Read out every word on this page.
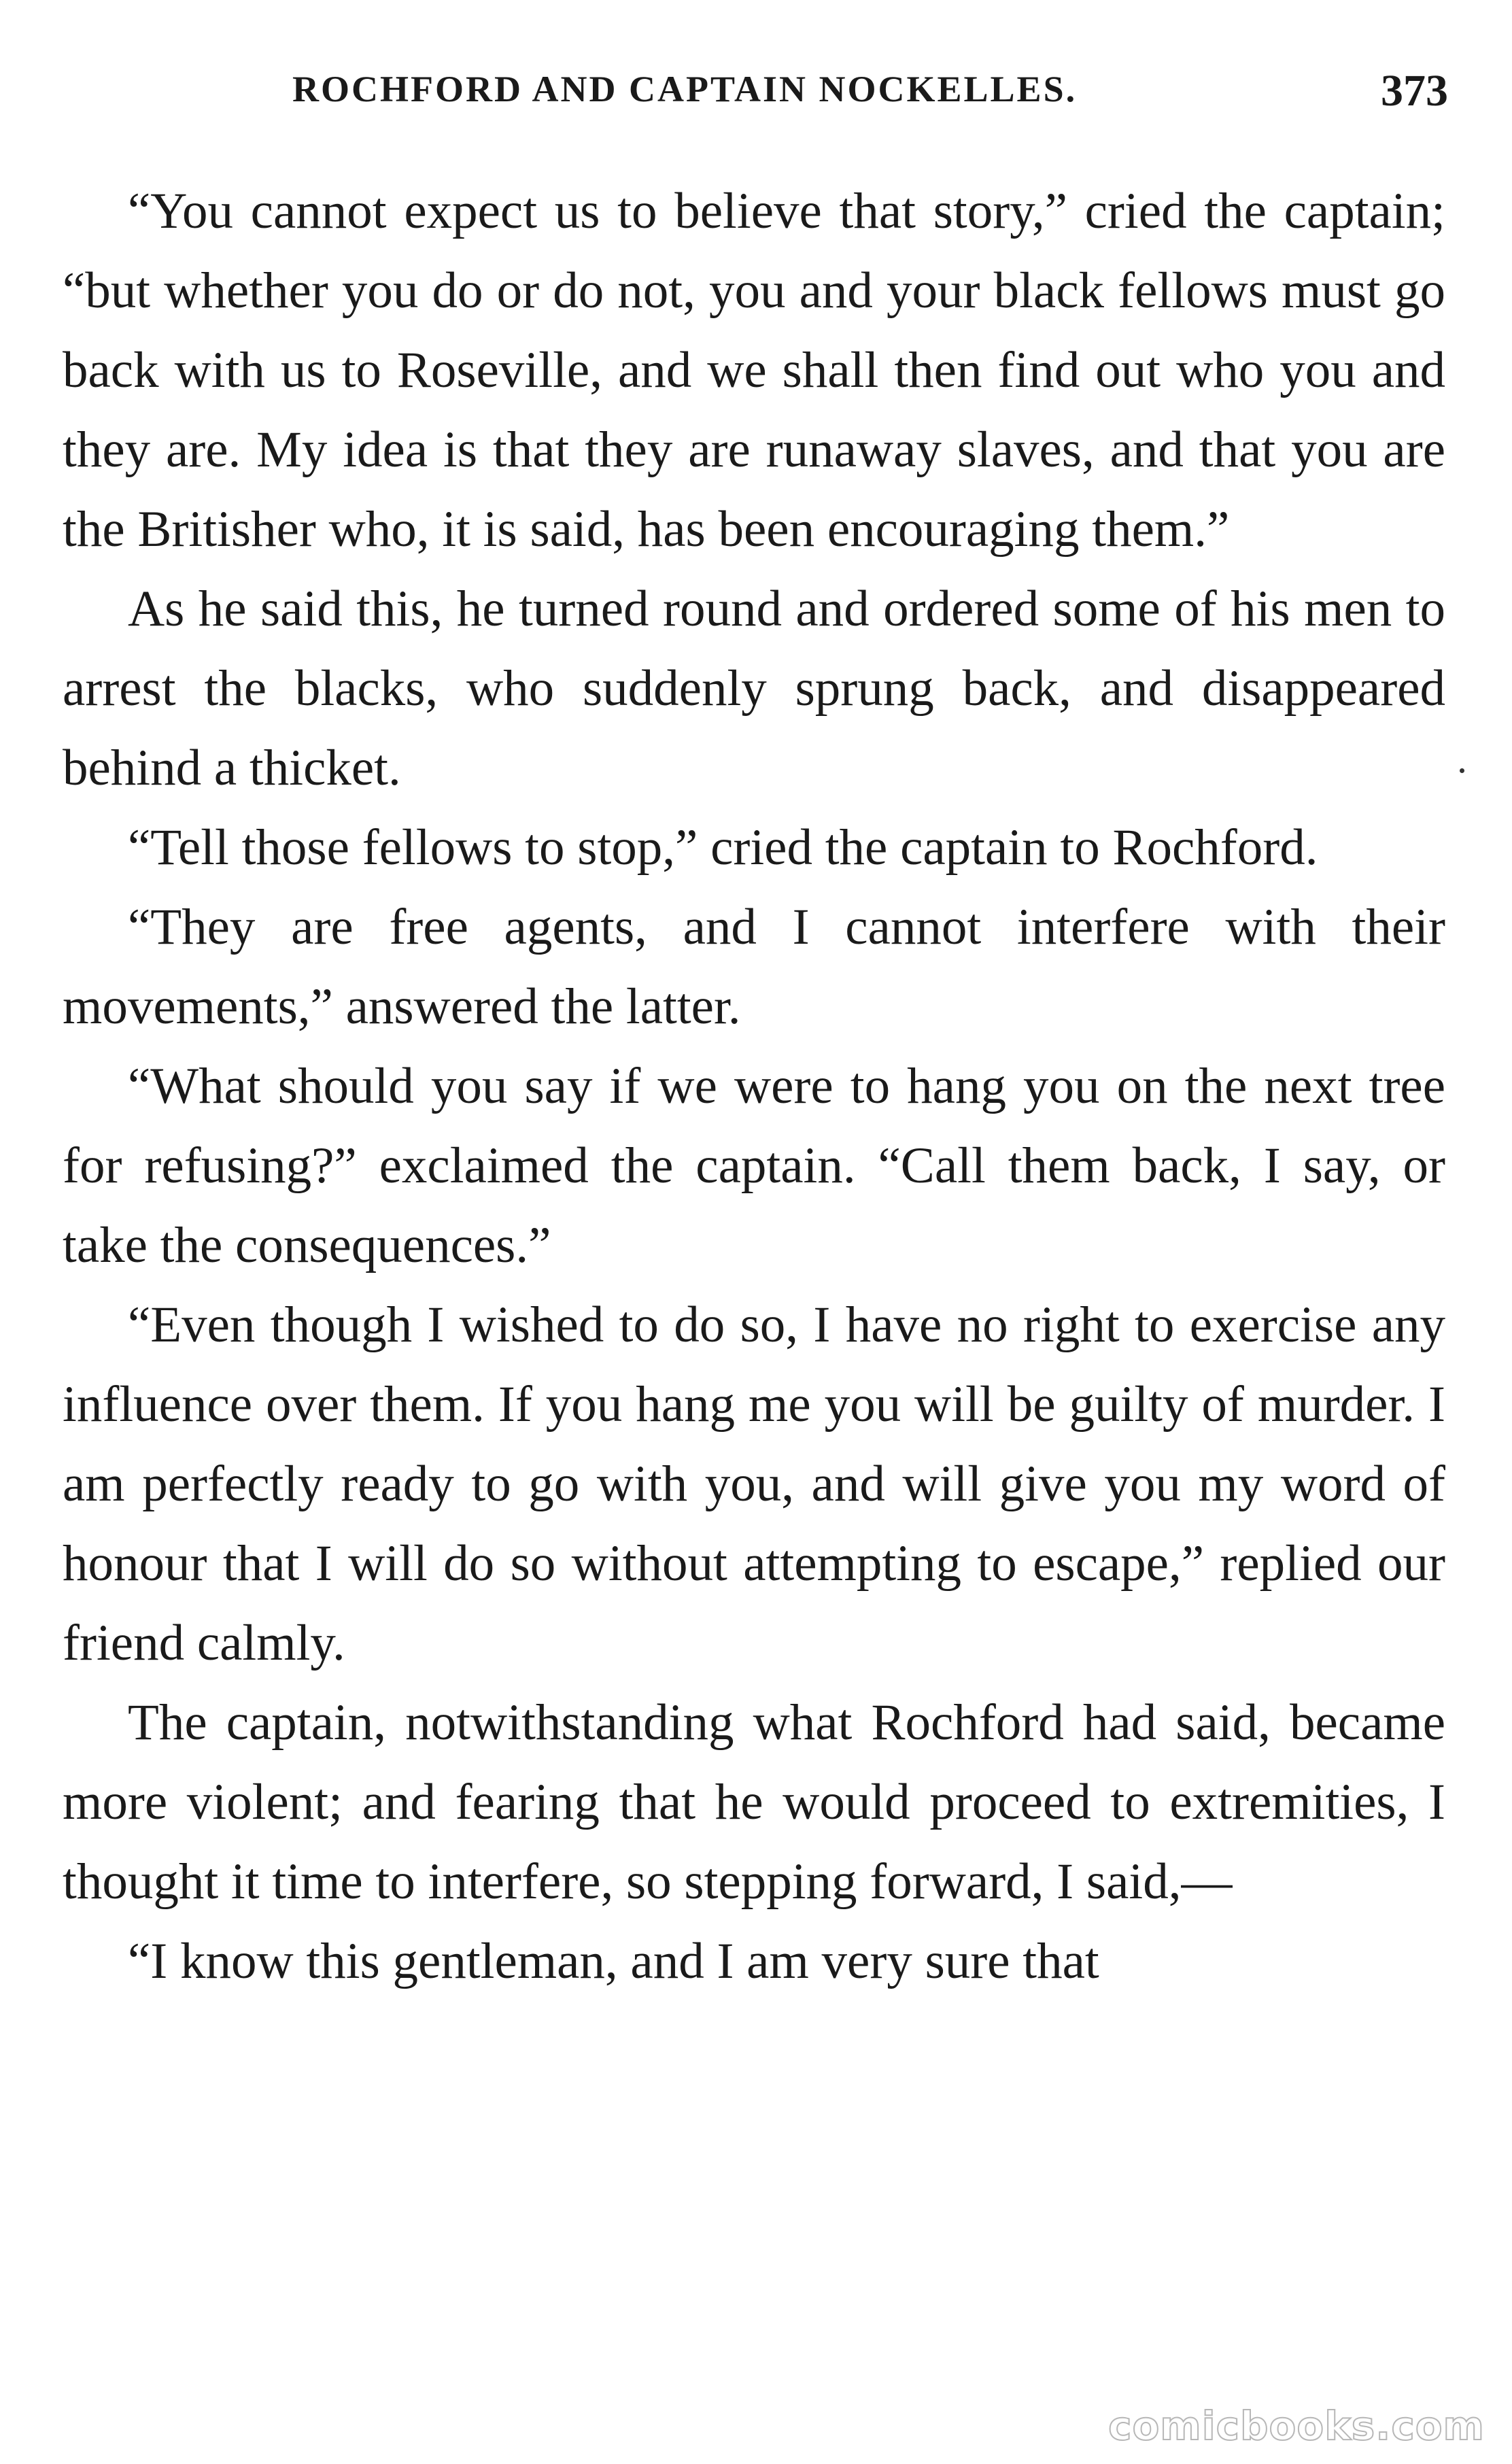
ROCHFORD AND CAPTAIN NOCKELLES.	373

“You cannot expect us to believe that story,” cried the captain; “but whether you do or do not, you and your black fellows must go back with us to Roseville, and we shall then find out who you and they are. My idea is that they are runaway slaves, and that you are the Britisher who, it is said, has been encouraging them.”

As he said this, he turned round and ordered some of his men to arrest the blacks, who suddenly sprung back, and disappeared behind a thicket.

“Tell those fellows to stop,” cried the captain to Rochford.

“They are free agents, and I cannot interfere with their movements,” answered the latter.

“What should you say if we were to hang you on the next tree for refusing?” exclaimed the captain. “Call them back, I say, or take the consequences.”

“Even though I wished to do so, I have no right to exercise any influence over them. If you hang me you will be guilty of murder. I am perfectly ready to go with you, and will give you my word of honour that I will do so without attempting to escape,” replied our friend calmly.

The captain, notwithstanding what Rochford had said, became more violent; and fearing that he would proceed to extremities, I thought it time to interfere, so stepping forward, I said,—

“I know this gentleman, and I am very sure that

comicbooks.com
